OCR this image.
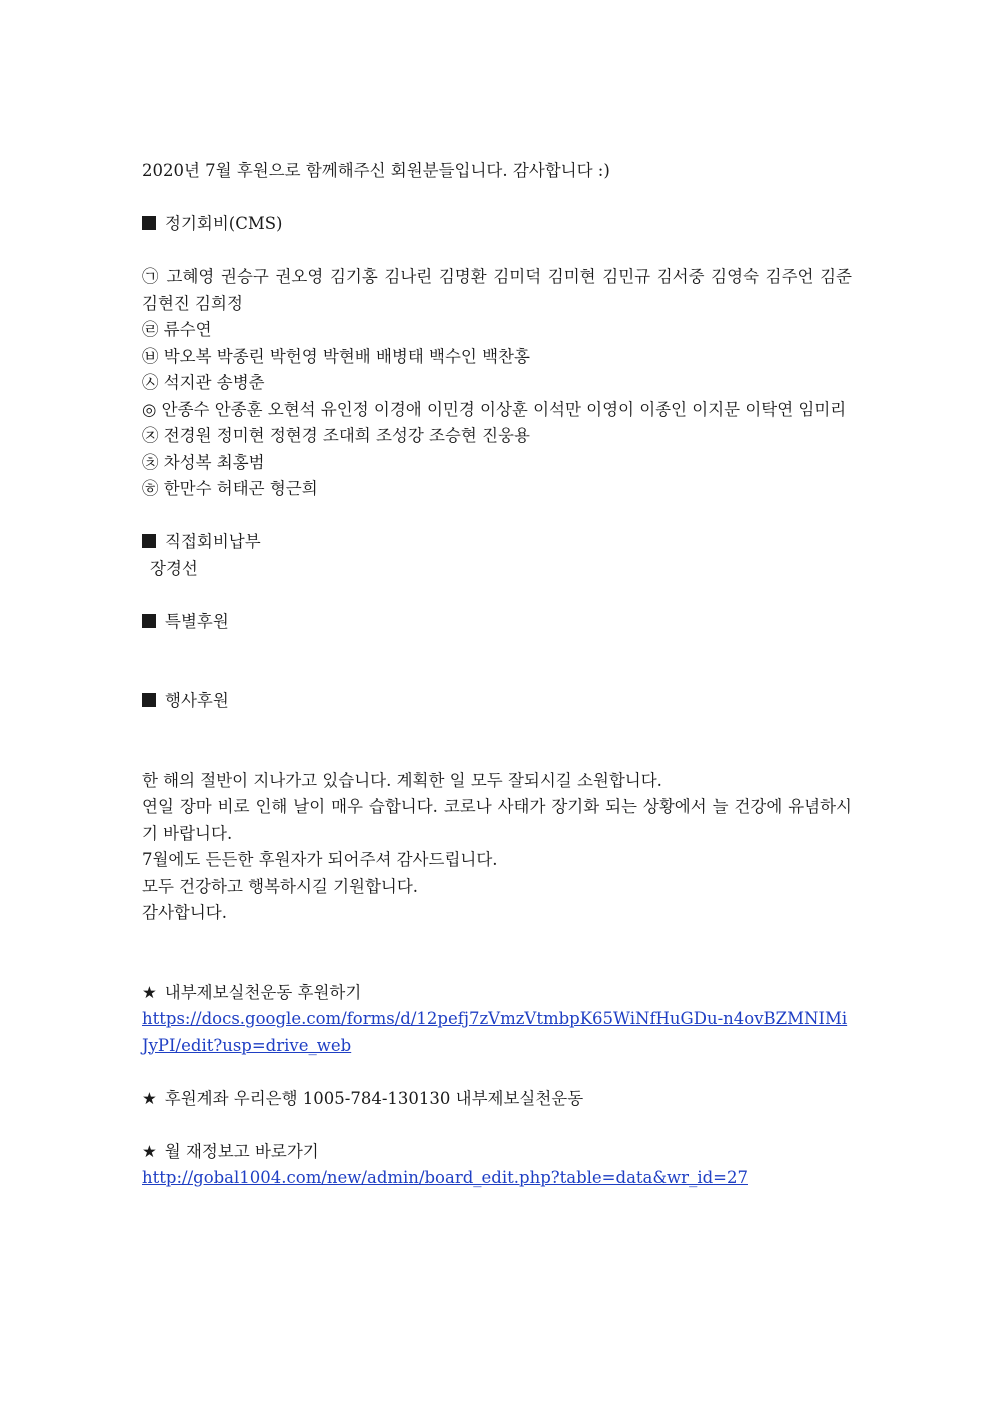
2020년 7월 후원으로 함께해주신 회원분들입니다. 감사합니다 :)
정기회비(CMS)
㉠ 고혜영 권승구 권오영 김기홍 김나린 김명환 김미덕 김미현 김민규 김서중 김영숙 김주언 김준 김현진 김희정
㉣ 류수연
㉥ 박오복 박종린 박헌영 박현배 배병태 백수인 백찬홍
㉦ 석지관 송병춘
◎ 안종수 안종훈 오현석 유인정 이경애 이민경 이상훈 이석만 이영이 이종인 이지문 이탁연 임미리
㉨ 전경원 정미현 정현경 조대희 조성강 조승현 진웅용
㉩ 차성복 최홍범
㉭ 한만수 허태곤 형근희
직접회비납부
장경선
특별후원
행사후원
한 해의 절반이 지나가고 있습니다. 계획한 일 모두 잘되시길 소원합니다.
연일 장마 비로 인해 날이 매우 습합니다. 코로나 사태가 장기화 되는 상황에서 늘 건강에 유념하시기 바랍니다.
7월에도 든든한 후원자가 되어주셔 감사드립니다.
모두 건강하고 행복하시길 기원합니다.
감사합니다.
★ 내부제보실천운동 후원하기
https://docs.google.com/forms/d/12pefj7zVmzVtmbpK65WiNfHuGDu-n4ovBZMNIMiJyPI/edit?usp=drive_web
★ 후원계좌 우리은행 1005-784-130130 내부제보실천운동
★ 월 재정보고 바로가기
http://gobal1004.com/new/admin/board_edit.php?table=data&wr_id=27
